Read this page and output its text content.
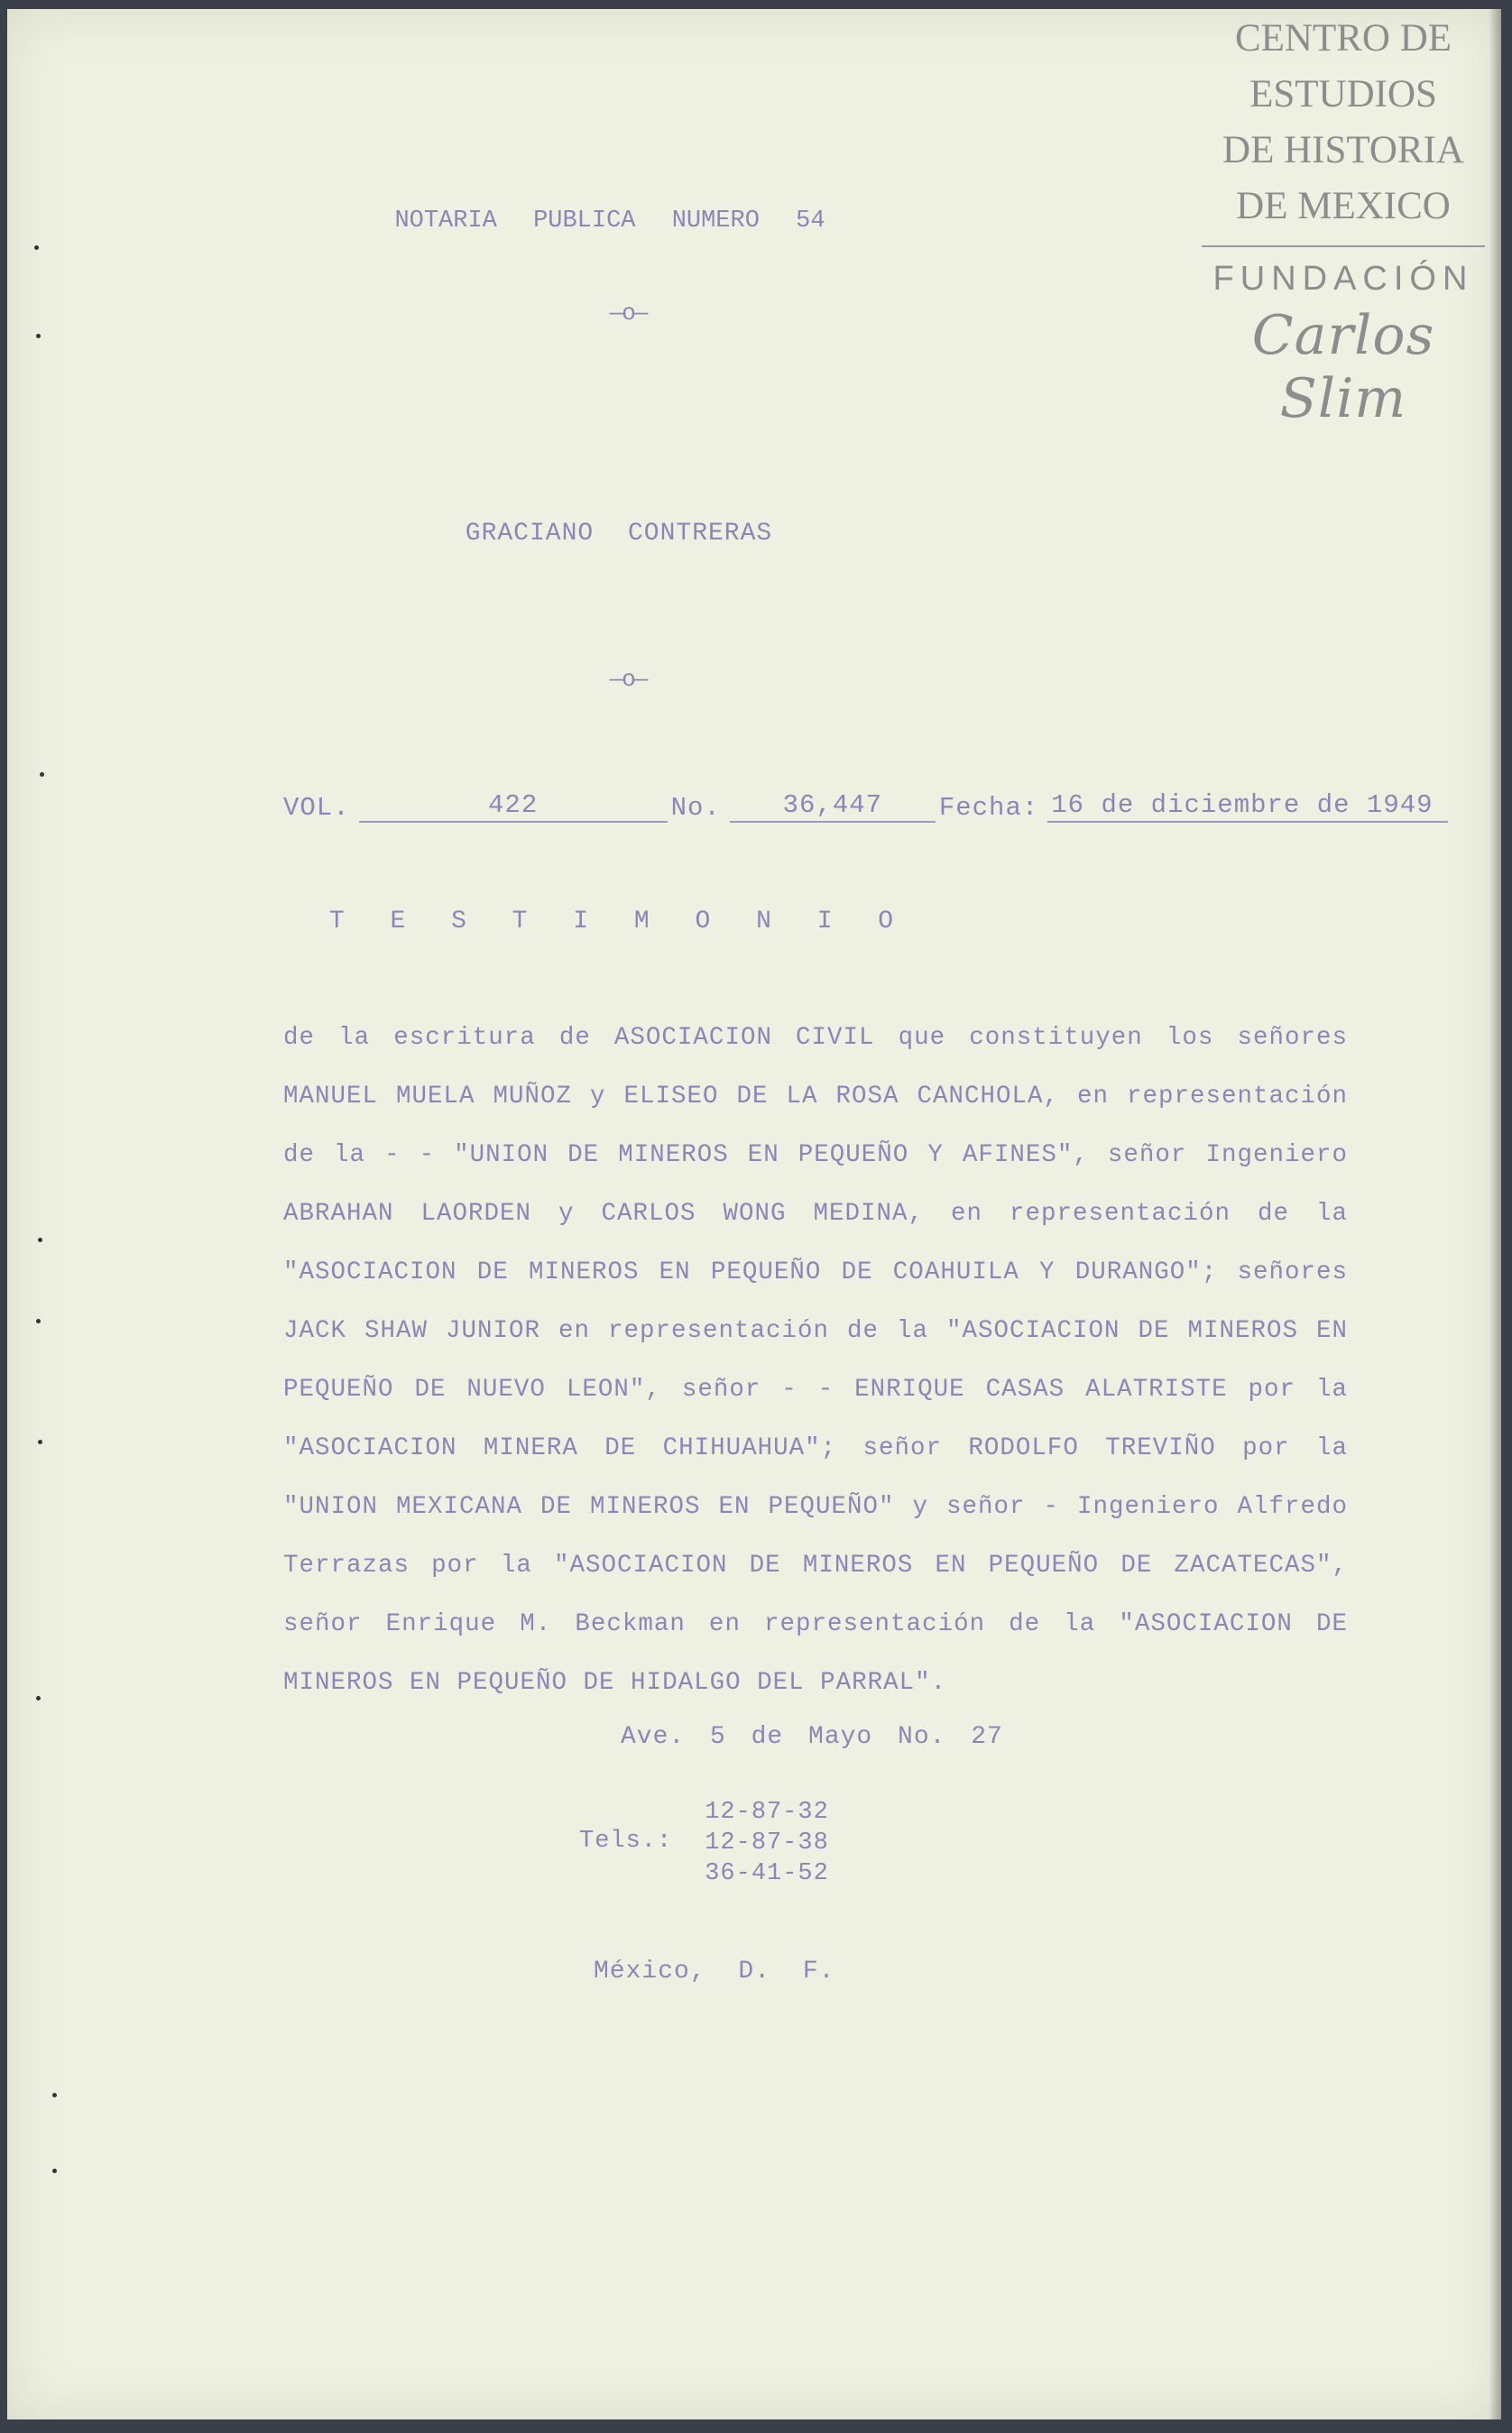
CENTRO DE
ESTUDIOS
DE HISTORIA
DE MEXICO
FUNDACIÓN
Carlos Slim
NOTARIA PUBLICA NUMERO 54
—o—
GRACIANO CONTRERAS
—o—
VOL.	422	No.	36,447	Fecha: 16 de diciembre de 1949
T E S T I M O N I O
de la escritura de ASOCIACION CIVIL que constituyen los señores MANUEL MUELA MUÑOZ y ELISEO DE LA ROSA CANCHOLA, en representación de la - - "UNION DE MINEROS EN PEQUEÑO Y AFINES", señor Ingeniero ABRAHAN LAORDEN y CARLOS WONG MEDINA, en representación de la "ASOCIACION DE MINEROS EN PEQUEÑO DE COAHUILA Y DURANGO"; señores JACK SHAW JUNIOR en representación de la "ASOCIACION DE MINEROS EN PEQUEÑO DE NUEVO LEON", señor - - ENRIQUE CASAS ALATRISTE por la "ASOCIACION MINERA DE CHIHUAHUA"; señor RODOLFO TREVIÑO por la "UNION MEXICANA DE MINEROS EN PEQUEÑO" y señor - Ingeniero Alfredo Terrazas por la "ASOCIACION DE MINEROS EN PEQUEÑO DE ZACATECAS", señor Enrique M. Beckman en representación de la "ASOCIACION DE MINEROS EN PEQUEÑO DE HIDALGO DEL PARRAL".
Ave. 5 de Mayo No. 27
Tels.:
12-87-32
12-87-38
36-41-52
México, D. F.
